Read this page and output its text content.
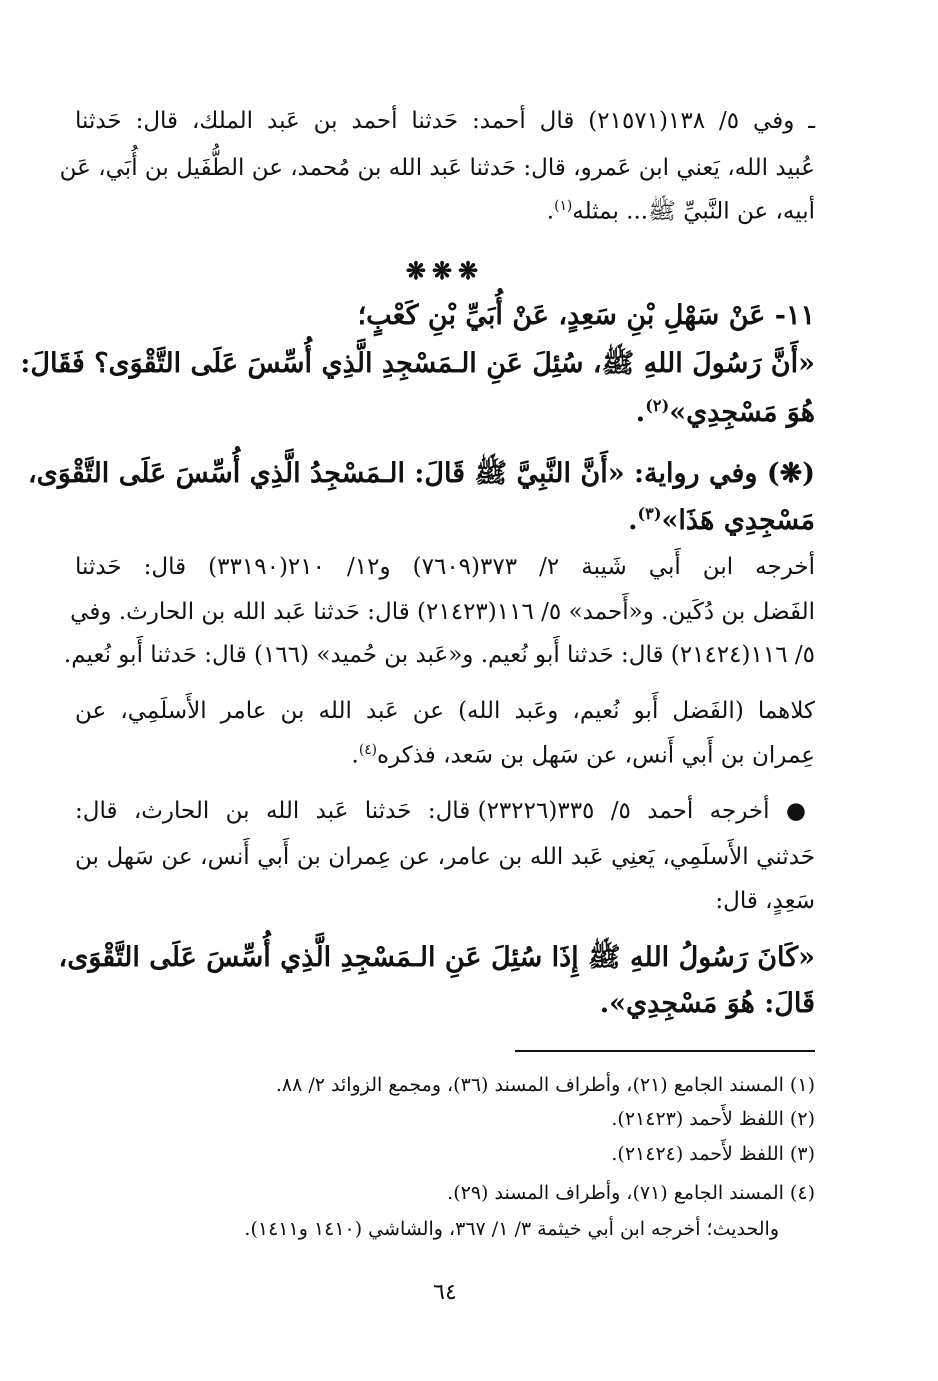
ـ وفي ٥/ ١٣٨(٢١٥٧١) قال أحمد: حَدثنا أحمد بن عَبد الملك، قال: حَدثنا
عُبيد الله، يَعني ابن عَمرو، قال: حَدثنا عَبد الله بن مُحمد، عن الطُّفَيل بن أُبَي، عَن
أبيه، عن النَّبيِّ ﷺ... بمثله$^{(١)}$.
❋❋❋
١١- عَنْ سَهْلِ بْنِ سَعِدٍ، عَنْ أُبَيِّ بْنِ كَعْبٍ؛
«أَنَّ رَسُولَ اللهِ ﷺ، سُئِلَ عَنِ الـمَسْجِدِ الَّذِي أُسِّسَ عَلَى التَّقْوَى؟ فَقَالَ:
هُوَ مَسْجِدِي»$^{(٢)}$.
(❋) وفي رواية: «أَنَّ النَّبِيَّ ﷺ قَالَ: الـمَسْجِدُ الَّذِي أُسِّسَ عَلَى التَّقْوَى،
مَسْجِدِي هَذَا»$^{(٣)}$.
أخرجه ابن أَبي شَيبة ٢/ ٣٧٣(٧٦٠٩) و١٢/ ٢١٠(٣٣١٩٠) قال: حَدثنا
الفَضل بن دُكَين. و«أَحمد» ٥/ ١١٦(٢١٤٢٣) قال: حَدثنا عَبد الله بن الحارث. وفي
٥/ ١١٦(٢١٤٢٤) قال: حَدثنا أَبو نُعيم. و«عَبد بن حُميد» (١٦٦) قال: حَدثنا أَبو نُعيم.
كلاهما (الفَضل أَبو نُعيم، وعَبد الله) عن عَبد الله بن عامر الأَسلَمِي، عن
عِمران بن أَبي أَنس، عن سَهل بن سَعد، فذكره$^{(٤)}$.
● أخرجه أحمد ٥/ ٣٣٥(٢٣٢٢٦) قال: حَدثنا عَبد الله بن الحارث، قال:
حَدثني الأَسلَمِي، يَعنِي عَبد الله بن عامر، عن عِمران بن أَبي أَنس، عن سَهل بن
سَعِدٍ، قال:
«كَانَ رَسُولُ اللهِ ﷺ إِذَا سُئِلَ عَنِ الـمَسْجِدِ الَّذِي أُسِّسَ عَلَى التَّقْوَى،
قَالَ: هُوَ مَسْجِدِي».
(١) المسند الجامع (٢١)، وأطراف المسند (٣٦)، ومجمع الزوائد ٢/ ٨٨.
(٢) اللفظ لأَحمد (٢١٤٢٣).
(٣) اللفظ لأَحمد (٢١٤٢٤).
(٤) المسند الجامع (٧١)، وأطراف المسند (٢٩).
والحديث؛ أخرجه ابن أبي خيثمة ٣/ ١/ ٣٦٧، والشاشي (١٤١٠ و١٤١١).
٦٤
